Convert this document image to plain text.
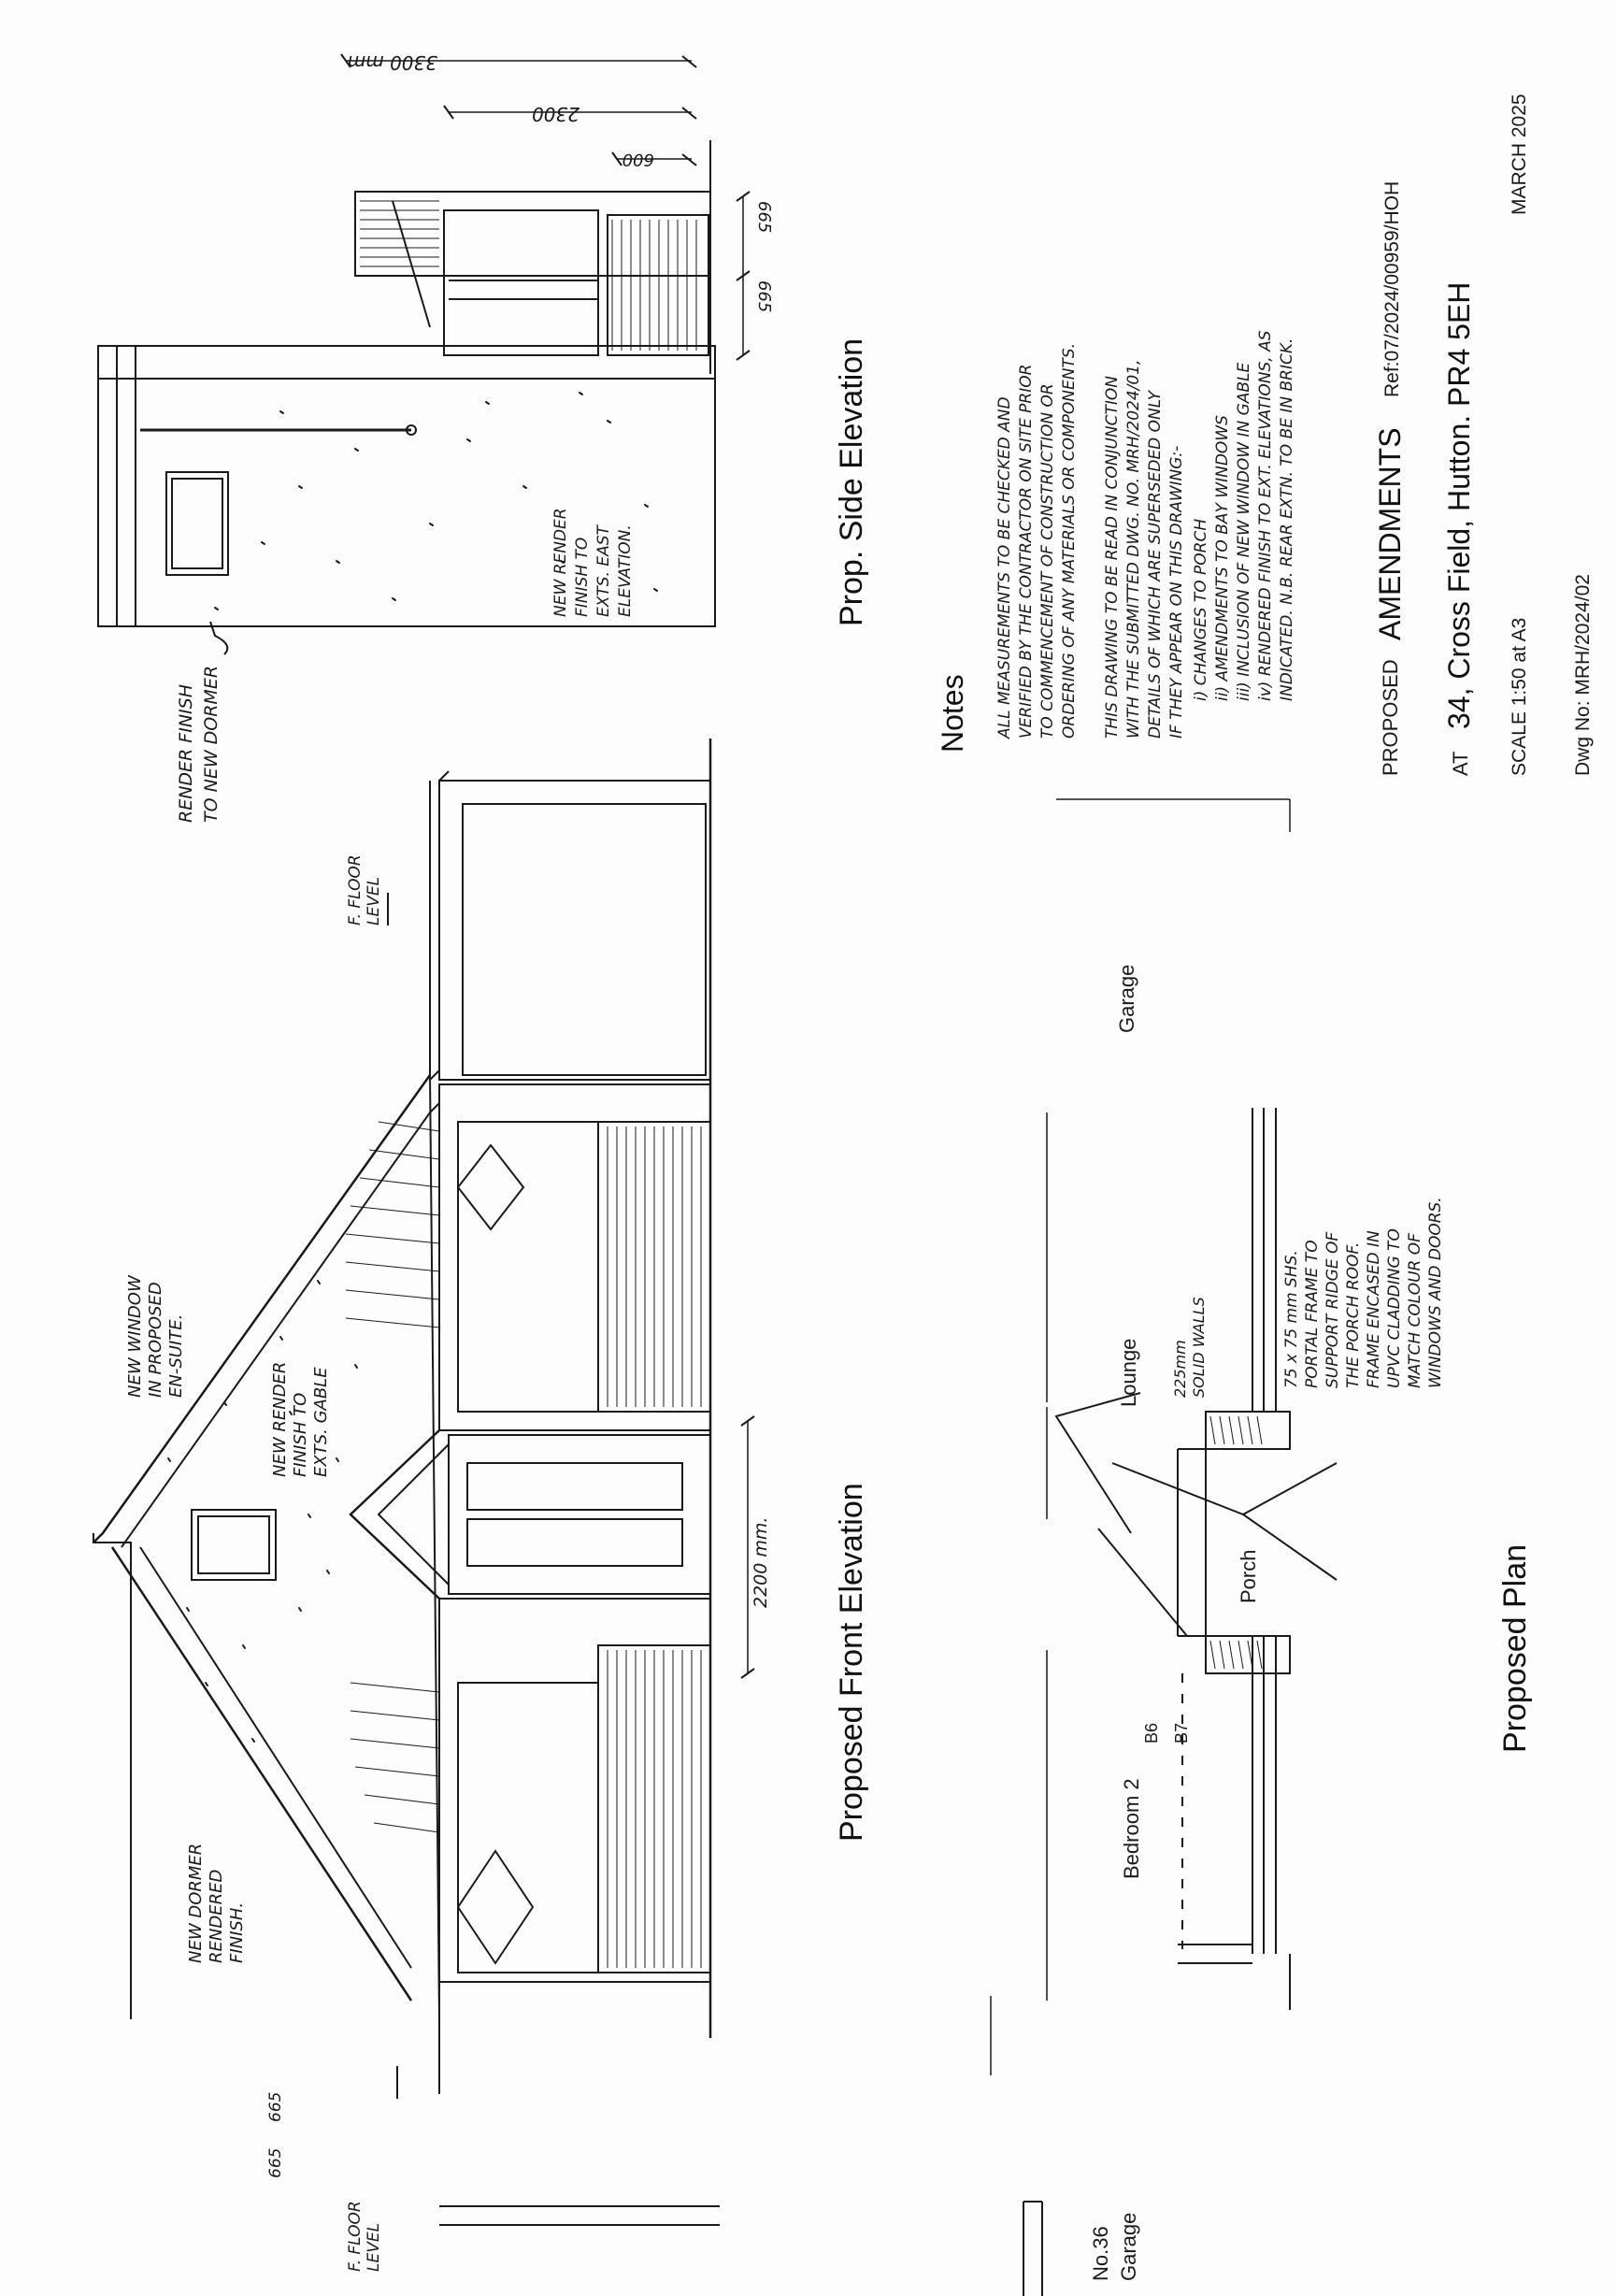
3300 mm
2300
600
665
665
RENDER FINISH TO NEW DORMER
NEW RENDER FINISH TO EXTS. EAST ELEVATION.	Prop. Side Elevation
F. FLOOR LEVEL
F. FLOOR LEVEL
NEW WINDOW IN PROPOSED EN-SUITE.
NEW RENDER FINISH TO EXTS. GABLE
NEW DORMER RENDERED FINISH.
2200 mm.
665
665
Proposed Front Elevation
Garage
Lounge
Porch
Bedroom 2
No.36 Garage
225mm SOLID WALLS	75 x 75 mm SHS. PORTAL FRAME TO SUPPORT RIDGE OF THE PORCH ROOF. FRAME ENCASED IN UPVC CLADDING TO MATCH COLOUR OF WINDOWS AND DOORS.
B6 B7	Proposed Plan
Notes ALL MEASUREMENTS TO BE CHECKED AND VERIFIED BY THE CONTRACTOR ON SITE PRIOR TO COMMENCEMENT OF CONSTRUCTION OR ORDERING OF ANY MATERIALS OR COMPONENTS. THIS DRAWING TO BE READ IN CONJUNCTION WITH THE SUBMITTED DWG. NO. MRH/2024/01, DETAILS OF WHICH ARE SUPERSEDED ONLY IF THEY APPEAR ON THIS DRAWING:- i) CHANGES TO PORCH ii) AMENDMENTS TO BAY WINDOWS iii) INCLUSION OF NEW WINDOW IN GABLE iv) RENDERED FINISH TO EXT. ELEVATIONS, AS INDICATED. N.B. REAR EXTN. TO BE IN BRICK.
PROPOSED
AMENDMENTS
Ref:07/2024/00959/HOH
AT
34, Cross Field, Hutton. PR4 5EH SCALE 1:50 at A3
MARCH 2025
Dwg No: MRH/2024/02
